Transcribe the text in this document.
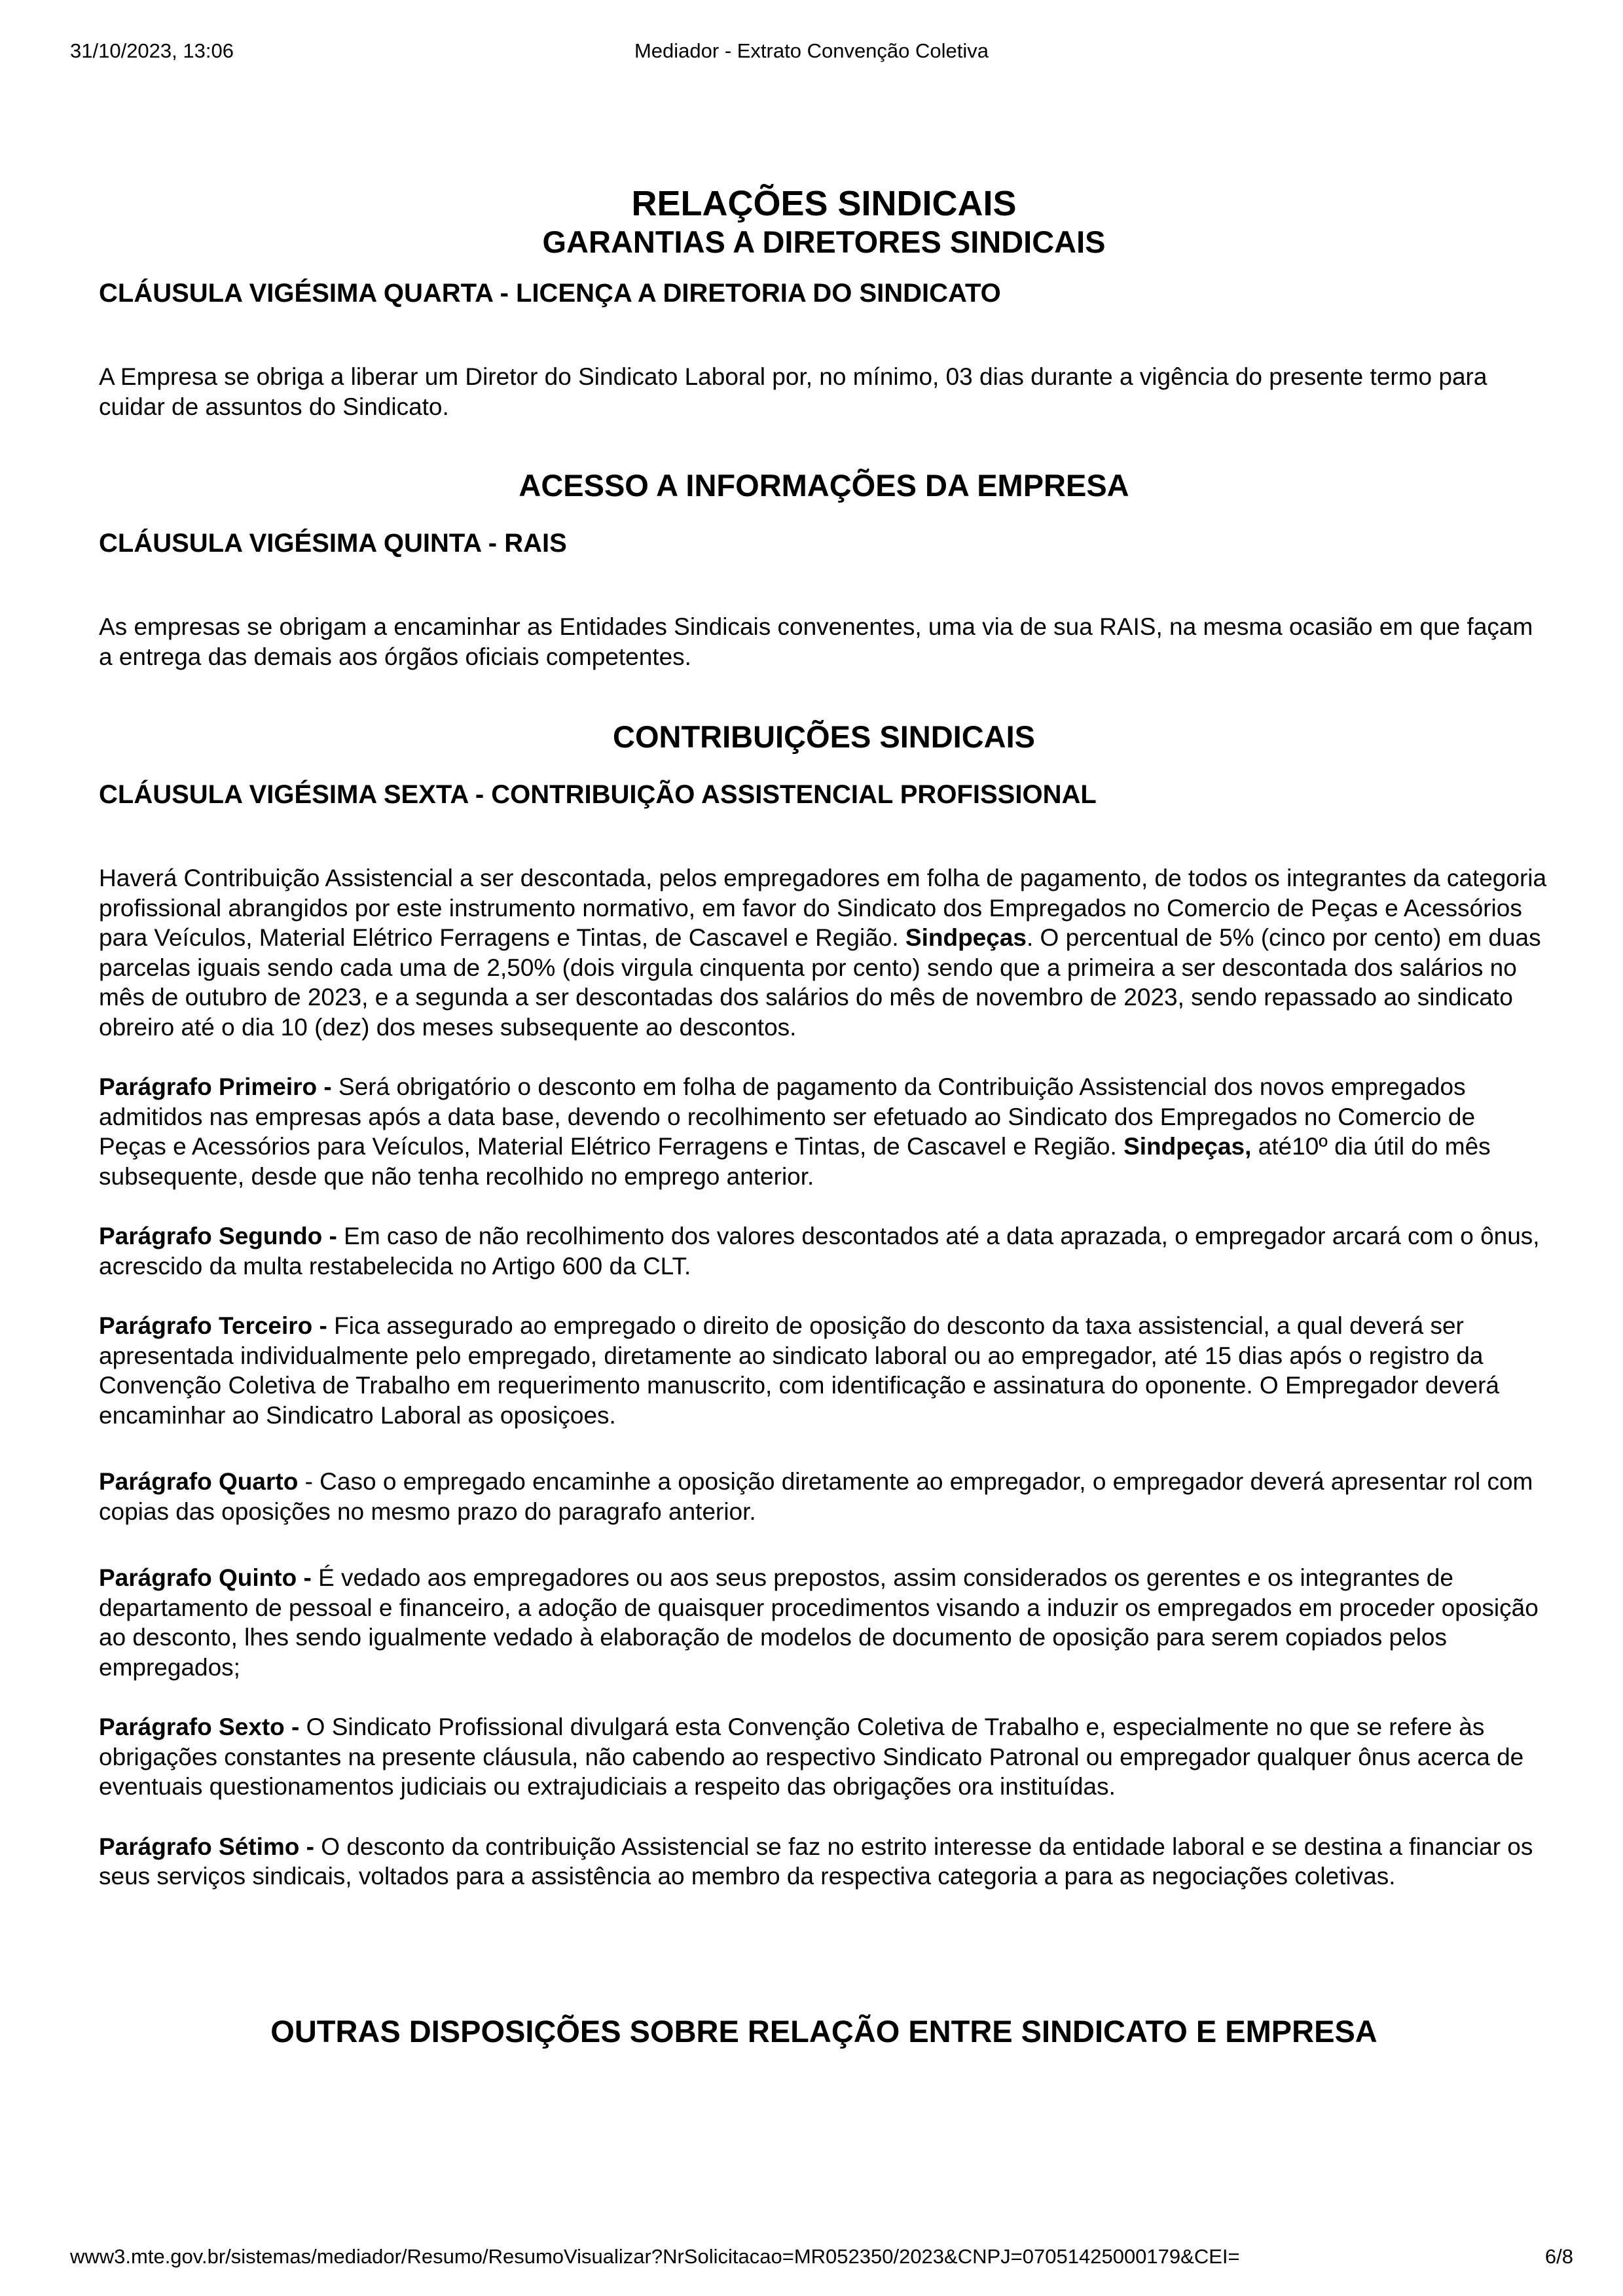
31/10/2023, 13:06	Mediador - Extrato Convenção Coletiva
RELAÇÕES SINDICAIS
GARANTIAS A DIRETORES SINDICAIS
CLÁUSULA VIGÉSIMA QUARTA - LICENÇA A DIRETORIA DO SINDICATO

A Empresa se obriga a liberar um Diretor do Sindicato Laboral por, no mínimo, 03 dias durante a vigência do presente termo para cuidar de assuntos do Sindicato.

ACESSO A INFORMAÇÕES DA EMPRESA
CLÁUSULA VIGÉSIMA QUINTA - RAIS

As empresas se obrigam a encaminhar as Entidades Sindicais convenentes, uma via de sua RAIS, na mesma ocasião em que façam a entrega das demais aos órgãos oficiais competentes.

CONTRIBUIÇÕES SINDICAIS
CLÁUSULA VIGÉSIMA SEXTA - CONTRIBUIÇÃO ASSISTENCIAL PROFISSIONAL

Haverá Contribuição Assistencial a ser descontada, pelos empregadores em folha de pagamento, de todos os integrantes da categoria profissional abrangidos por este instrumento normativo, em favor do Sindicato dos Empregados no Comercio de Peças e Acessórios para Veículos, Material Elétrico Ferragens e Tintas, de Cascavel e Região. Sindpeças. O percentual de 5% (cinco por cento) em duas parcelas iguais sendo cada uma de 2,50% (dois virgula cinquenta por cento) sendo que a primeira a ser descontada dos salários no mês de outubro de 2023, e a segunda a ser descontadas dos salários do mês de novembro de 2023, sendo repassado ao sindicato obreiro até o dia 10 (dez) dos meses subsequente ao descontos.

Parágrafo Primeiro - Será obrigatório o desconto em folha de pagamento da Contribuição Assistencial dos novos empregados admitidos nas empresas após a data base, devendo o recolhimento ser efetuado ao Sindicato dos Empregados no Comercio de Peças e Acessórios para Veículos, Material Elétrico Ferragens e Tintas, de Cascavel e Região. Sindpeças, até10º dia útil do mês subsequente, desde que não tenha recolhido no emprego anterior.

Parágrafo Segundo - Em caso de não recolhimento dos valores descontados até a data aprazada, o empregador arcará com o ônus, acrescido da multa restabelecida no Artigo 600 da CLT.

Parágrafo Terceiro - Fica assegurado ao empregado o direito de oposição do desconto da taxa assistencial, a qual deverá ser apresentada individualmente pelo empregado, diretamente ao sindicato laboral ou ao empregador, até 15 dias após o registro da Convenção Coletiva de Trabalho em requerimento manuscrito, com identificação e assinatura do oponente. O Empregador deverá encaminhar ao Sindicatro Laboral as oposiçoes.

Parágrafo Quarto - Caso o empregado encaminhe a oposição diretamente ao empregador, o empregador deverá apresentar rol com copias das oposições no mesmo prazo do paragrafo anterior.

Parágrafo Quinto - É vedado aos empregadores ou aos seus prepostos, assim considerados os gerentes e os integrantes de departamento de pessoal e financeiro, a adoção de quaisquer procedimentos visando a induzir os empregados em proceder oposição ao desconto, lhes sendo igualmente vedado à elaboração de modelos de documento de oposição para serem copiados pelos empregados;

Parágrafo Sexto - O Sindicato Profissional divulgará esta Convenção Coletiva de Trabalho e, especialmente no que se refere às obrigações constantes na presente cláusula, não cabendo ao respectivo Sindicato Patronal ou empregador qualquer ônus acerca de eventuais questionamentos judiciais ou extrajudiciais a respeito das obrigações ora instituídas.

Parágrafo Sétimo - O desconto da contribuição Assistencial se faz no estrito interesse da entidade laboral e se destina a financiar os seus serviços sindicais, voltados para a assistência ao membro da respectiva categoria a para as negociações coletivas.

OUTRAS DISPOSIÇÕES SOBRE RELAÇÃO ENTRE SINDICATO E EMPRESA
www3.mte.gov.br/sistemas/mediador/Resumo/ResumoVisualizar?NrSolicitacao=MR052350/2023&CNPJ=07051425000179&CEI=	6/8
